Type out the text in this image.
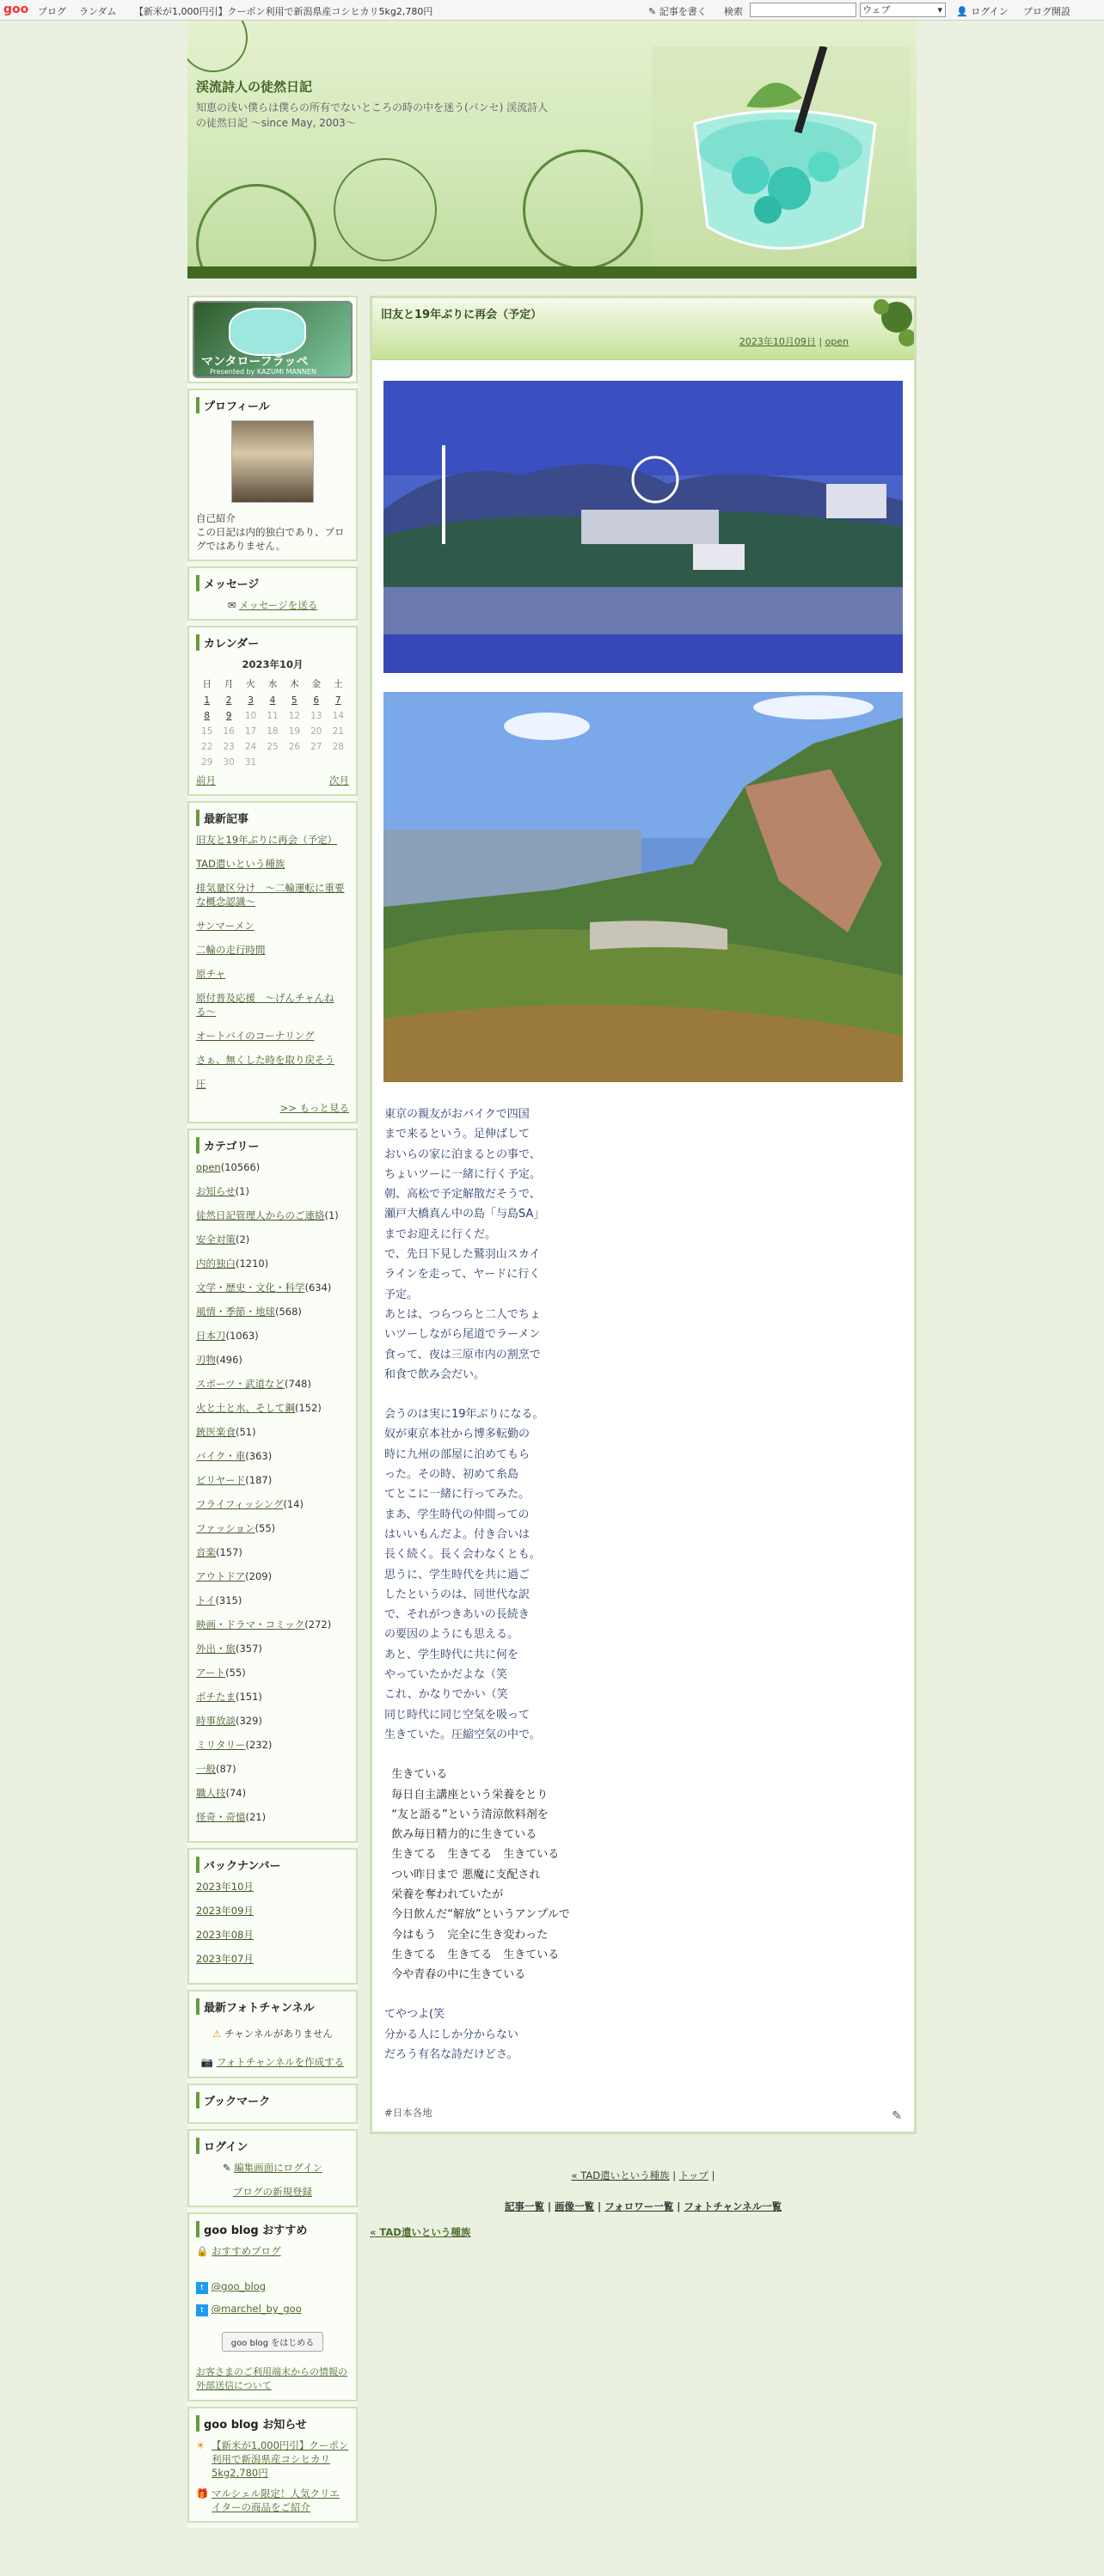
goo ブログ ランダム 【新米が1,000円引】クーポン利用で新潟県産コシヒカリ5kg2,780円	✎ 記事を書く 検索	ウェブ	▾ 👤 ログイン ブログ開設
渓流詩人の徒然日記
知恵の浅い僕らは僕らの所有でないところの時の中を迷う(パンセ) 渓流詩人の徒然日記 〜since May, 2003〜
マンタローフラッペ
Presented by KAZUMI MANNEN
プロフィール
自己紹介
この日記は内的独白であり、ブログではありません。
メッセージ
✉ メッセージを送る
カレンダー
2023年10月
日	月	火	水	木	金	土
1	2	3	4	5	6	7
8	9	10	11	12	13	14
15	16	17	18	19	20	21
22	23	24	25	26	27	28
29	30	31				
前月	次月
最新記事
旧友と19年ぶりに再会（予定）
TAD遣いという種族
排気量区分け　〜二輪運転に重要な概念認識〜
サンマーメン
二輪の走行時間
原チャ
原付普及応援　〜げんチャんねる〜
オートバイのコーナリング
さぁ、無くした時を取り戻そう
圧
>> もっと見る
カテゴリー
open(10566)
お知らせ(1)
徒然日記管理人からのご連絡(1)
安全対策(2)
内的独白(1210)
文学・歴史・文化・科学(634)
風情・季節・地球(568)
日本刀(1063)
刃物(496)
スポーツ・武道など(748)
火と土と水、そして鋼(152)
銃医楽食(51)
バイク・車(363)
ビリヤード(187)
フライフィッシング(14)
ファッション(55)
音楽(157)
アウトドア(209)
トイ(315)
映画・ドラマ・コミック(272)
外出・旅(357)
アート(55)
ポチたま(151)
時事放談(329)
ミリタリー(232)
一般(87)
職人技(74)
怪奇・奇憶(21)
バックナンバー
2023年10月
2023年09月
2023年08月
2023年07月
最新フォトチャンネル
⚠ チャンネルがありません
📷 フォトチャンネルを作成する
ブックマーク
ログイン
✎ 編集画面にログイン
ブログの新規登録
goo blog おすすめ
🔒 おすすめブログ
t @goo_blog
t @marchel_by_goo
goo blog をはじめる
お客さまのご利用端末からの情報の外部送信について
goo blog お知らせ
☀ 【新米が1,000円引】クーポン利用で新潟県産コシヒカリ5kg2,780円
🎁 マルシェル限定！人気クリエイターの商品をご紹介
旧友と19年ぶりに再会（予定）
2023年10月09日 | open
東京の親友がおバイクで四国
まで来るという。足伸ばして
おいらの家に泊まるとの事で、
ちょいツーに一緒に行く予定。
朝、高松で予定解散だそうで、
瀬戸大橋真ん中の島「与島SA」
までお迎えに行くだ。
で、先日下見した鷲羽山スカイ
ラインを走って、ヤードに行く
予定。
あとは、つらつらと二人でちょ
いツーしながら尾道でラーメン
食って、夜は三原市内の割烹で
和食で飲み会だい。
会うのは実に19年ぶりになる。
奴が東京本社から博多転勤の
時に九州の部屋に泊めてもら
った。その時、初めて糸島
てとこに一緒に行ってみた。
まあ、学生時代の仲間っての
はいいもんだよ。付き合いは
長く続く。長く会わなくとも。
思うに、学生時代を共に過ご
したというのは、同世代な訳
で、それがつきあいの長続き
の要因のようにも思える。
あと、学生時代に共に何を
やっていたかだよな（笑
これ、かなりでかい（笑
同じ時代に同じ空気を吸って
生きていた。圧縮空気の中で。
生きている
毎日自主講座という栄養をとり
“友と語る”という清涼飲料剤を
飲み毎日精力的に生きている
生きてる　生きてる　生きている
つい昨日まで 悪魔に支配され
栄養を奪われていたが
今日飲んだ“解放”というアンプルで
今はもう　完全に生き変わった
生きてる　生きてる　生きている
今や青春の中に生きている
てやつよ(笑
分かる人にしか分からない
だろう有名な詩だけどさ。
#日本各地	✎
« TAD遣いという種族 | トップ |
記事一覧 | 画像一覧 | フォロワー一覧 | フォトチャンネル一覧
« TAD遣いという種族
